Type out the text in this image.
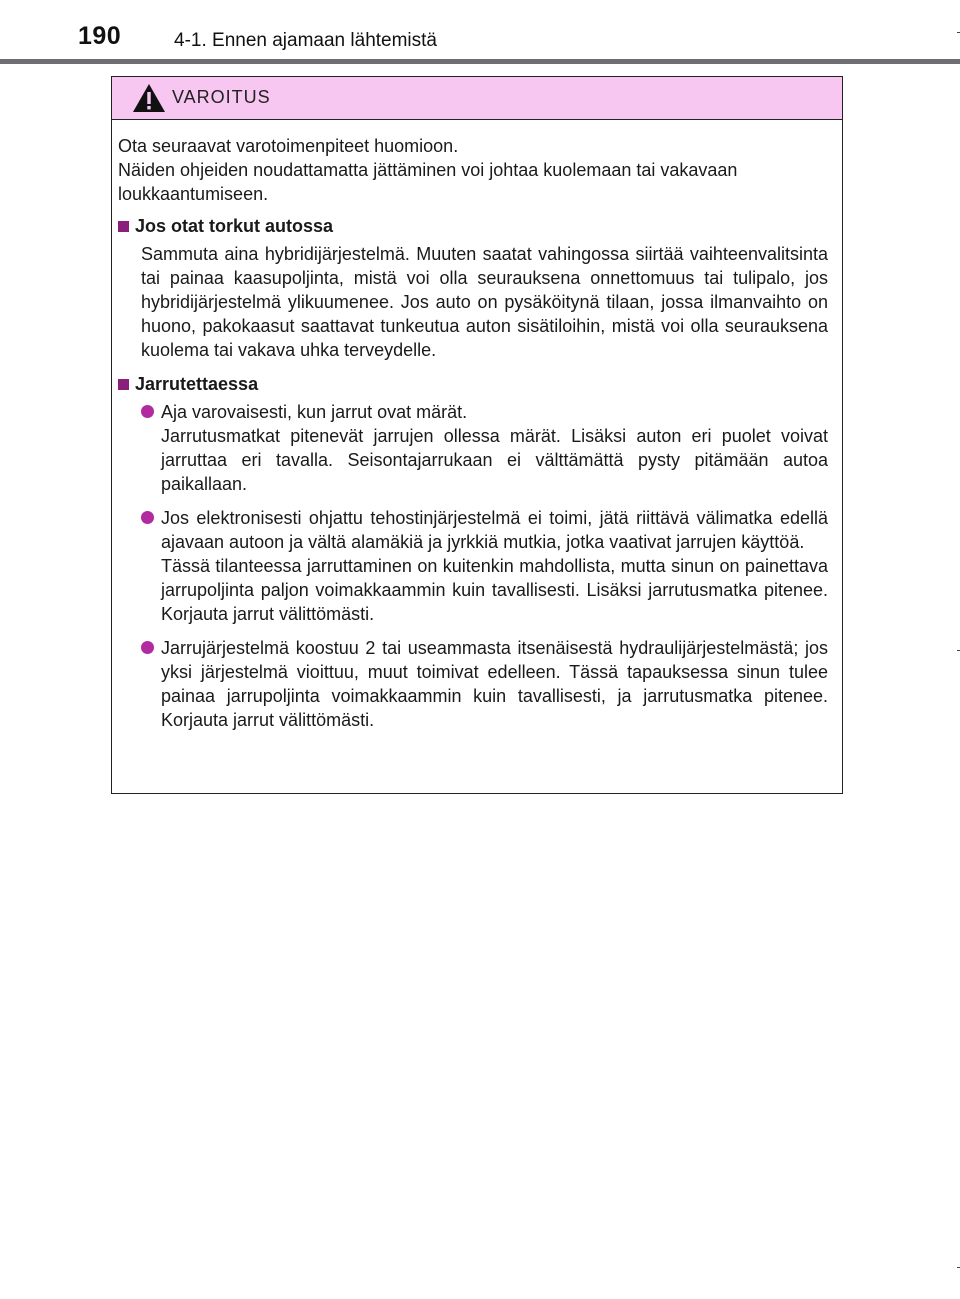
190	4-1. Ennen ajamaan lähtemistä
VAROITUS
Ota seuraavat varotoimenpiteet huomioon.
Näiden ohjeiden noudattamatta jättäminen voi johtaa kuolemaan tai vakavaan loukkaantumiseen.
Jos otat torkut autossa
Sammuta aina hybridijärjestelmä. Muuten saatat vahingossa siirtää vaihteenvalitsinta tai painaa kaasupoljinta, mistä voi olla seurauksena onnettomuus tai tulipalo, jos hybridijärjestelmä ylikuumenee. Jos auto on pysäköitynä tilaan, jossa ilmanvaihto on huono, pakokaasut saattavat tunkeutua auton sisätiloihin, mistä voi olla seurauksena kuolema tai vakava uhka terveydelle.
Jarrutettaessa
Aja varovaisesti, kun jarrut ovat märät.
Jarrutusmatkat pitenevät jarrujen ollessa märät. Lisäksi auton eri puolet voivat jarruttaa eri tavalla. Seisontajarrukaan ei välttämättä pysty pitämään autoa paikallaan.
Jos elektronisesti ohjattu tehostinjärjestelmä ei toimi, jätä riittävä välimatka edellä ajavaan autoon ja vältä alamäkiä ja jyrkkiä mutkia, jotka vaativat jarrujen käyttöä.
Tässä tilanteessa jarruttaminen on kuitenkin mahdollista, mutta sinun on painettava jarrupoljinta paljon voimakkaammin kuin tavallisesti. Lisäksi jarrutusmatka pitenee. Korjauta jarrut välittömästi.
Jarrujärjestelmä koostuu 2 tai useammasta itsenäisestä hydraulijärjestelmästä; jos yksi järjestelmä vioittuu, muut toimivat edelleen. Tässä tapauksessa sinun tulee painaa jarrupoljinta voimakkaammin kuin tavallisesti, ja jarrutusmatka pitenee. Korjauta jarrut välittömästi.
